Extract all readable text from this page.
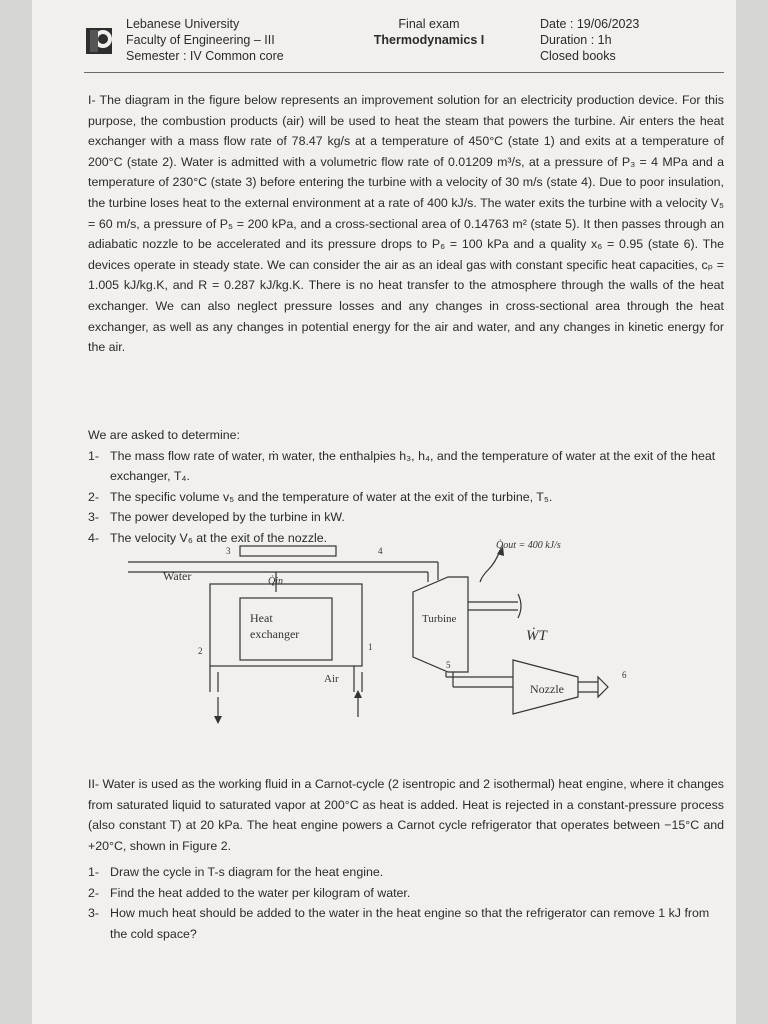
Lebanese University
Faculty of Engineering – III
Semester : IV Common core
Final exam
Thermodynamics I
Date : 19/06/2023
Duration : 1h
Closed books

I- The diagram in the figure below represents an improvement solution for an electricity production device. For this purpose, the combustion products (air) will be used to heat the steam that powers the turbine. Air enters the heat exchanger with a mass flow rate of 78.47 kg/s at a temperature of 450°C (state 1) and exits at a temperature of 200°C (state 2). Water is admitted with a volumetric flow rate of 0.01209 m³/s, at a pressure of P₃ = 4 MPa and a temperature of 230°C (state 3) before entering the turbine with a velocity of 30 m/s (state 4). Due to poor insulation, the turbine loses heat to the external environment at a rate of 400 kJ/s. The water exits the turbine with a velocity V₅ = 60 m/s, a pressure of P₅ = 200 kPa, and a cross-sectional area of 0.14763 m² (state 5). It then passes through an adiabatic nozzle to be accelerated and its pressure drops to P₆ = 100 kPa and a quality x₆ = 0.95 (state 6). The devices operate in steady state. We can consider the air as an ideal gas with constant specific heat capacities, cₚ = 1.005 kJ/kg.K, and R = 0.287 kJ/kg.K. There is no heat transfer to the atmosphere through the walls of the heat exchanger. We can also neglect pressure losses and any changes in cross-sectional area through the heat exchanger, as well as any changes in potential energy for the air and water, and any changes in kinetic energy for the air.

We are asked to determine:
1- The mass flow rate of water, ṁ water, the enthalpies h₃, h₄, and the temperature of water at the exit of the heat exchanger, T₄.
2- The specific volume v₅ and the temperature of water at the exit of the turbine, T₅.
3- The power developed by the turbine in kW.
4- The velocity V₆ at the exit of the nozzle.
Water
Heat
exchanger
Turbine
Nozzle
Air
Q̇out = 400 kJ/s
Q̇in
ẆT
1
2
3	4
5
6

II- Water is used as the working fluid in a Carnot-cycle (2 isentropic and 2 isothermal) heat engine, where it changes from saturated liquid to saturated vapor at 200°C as heat is added. Heat is rejected in a constant-pressure process (also constant T) at 20 kPa. The heat engine powers a Carnot cycle refrigerator that operates between −15°C and +20°C, shown in Figure 2.

1- Draw the cycle in T-s diagram for the heat engine.
2- Find the heat added to the water per kilogram of water.
3- How much heat should be added to the water in the heat engine so that the refrigerator can remove 1 kJ from the cold space?
